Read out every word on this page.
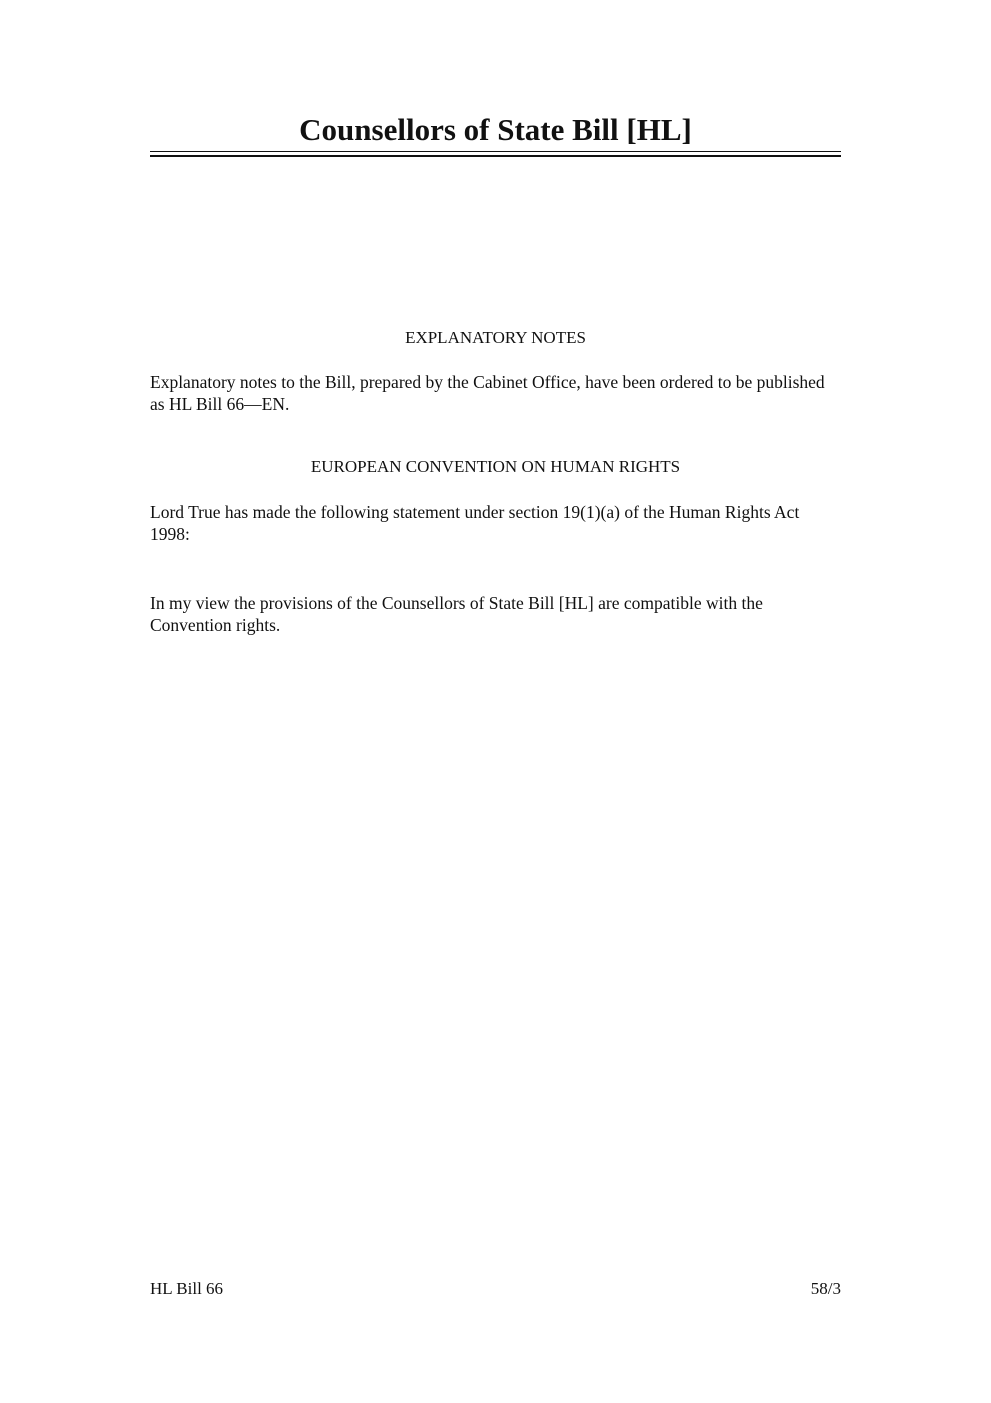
Counsellors of State Bill [HL]
EXPLANATORY NOTES
Explanatory notes to the Bill, prepared by the Cabinet Office, have been ordered to be published as HL Bill 66—EN.
EUROPEAN CONVENTION ON HUMAN RIGHTS
Lord True has made the following statement under section 19(1)(a) of the Human Rights Act 1998:
In my view the provisions of the Counsellors of State Bill [HL] are compatible with the Convention rights.
HL Bill 66	58/3
